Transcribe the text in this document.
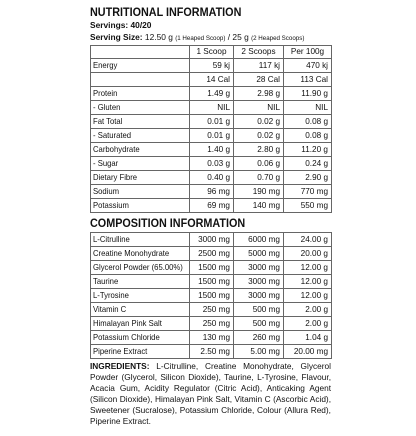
NUTRITIONAL INFORMATION
Servings: 40/20
Serving Size: 12.50 g (1 Heaped Scoop) / 25 g (2 Heaped Scoops)
	1 Scoop	2 Scoops	Per 100g
Energy	59 kj	117 kj	470 kj
	14 Cal	28 Cal	113 Cal
Protein	1.49 g	2.98 g	11.90 g
- Gluten	NIL	NIL	NIL
Fat Total	0.01 g	0.02 g	0.08 g
- Saturated	0.01 g	0.02 g	0.08 g
Carbohydrate	1.40 g	2.80 g	11.20 g
- Sugar	0.03 g	0.06 g	0.24 g
Dietary Fibre	0.40 g	0.70 g	2.90 g
Sodium	96 mg	190 mg	770 mg
Potassium	69 mg	140 mg	550 mg
COMPOSITION INFORMATION
L-Citrulline	3000 mg	6000 mg	24.00 g
Creatine Monohydrate	2500 mg	5000 mg	20.00 g
Glycerol Powder (65.00%)	1500 mg	3000 mg	12.00 g
Taurine	1500 mg	3000 mg	12.00 g
L-Tyrosine	1500 mg	3000 mg	12.00 g
Vitamin C	250 mg	500 mg	2.00 g
Himalayan Pink Salt	250 mg	500 mg	2.00 g
Potassium Chloride	130 mg	260 mg	1.04 g
Piperine Extract	2.50 mg	5.00 mg	20.00 mg

INGREDIENTS: L-Citrulline, Creatine Monohydrate, Glycerol Powder (Glycerol, Silicon Dioxide), Taurine, L-Tyrosine, Flavour, Acacia Gum, Acidity Regulator (Citric Acid), Anticaking Agent (Silicon Dioxide), Himalayan Pink Salt, Vitamin C (Ascorbic Acid), Sweetener (Sucralose), Potassium Chloride, Colour (Allura Red), Piperine Extract.
